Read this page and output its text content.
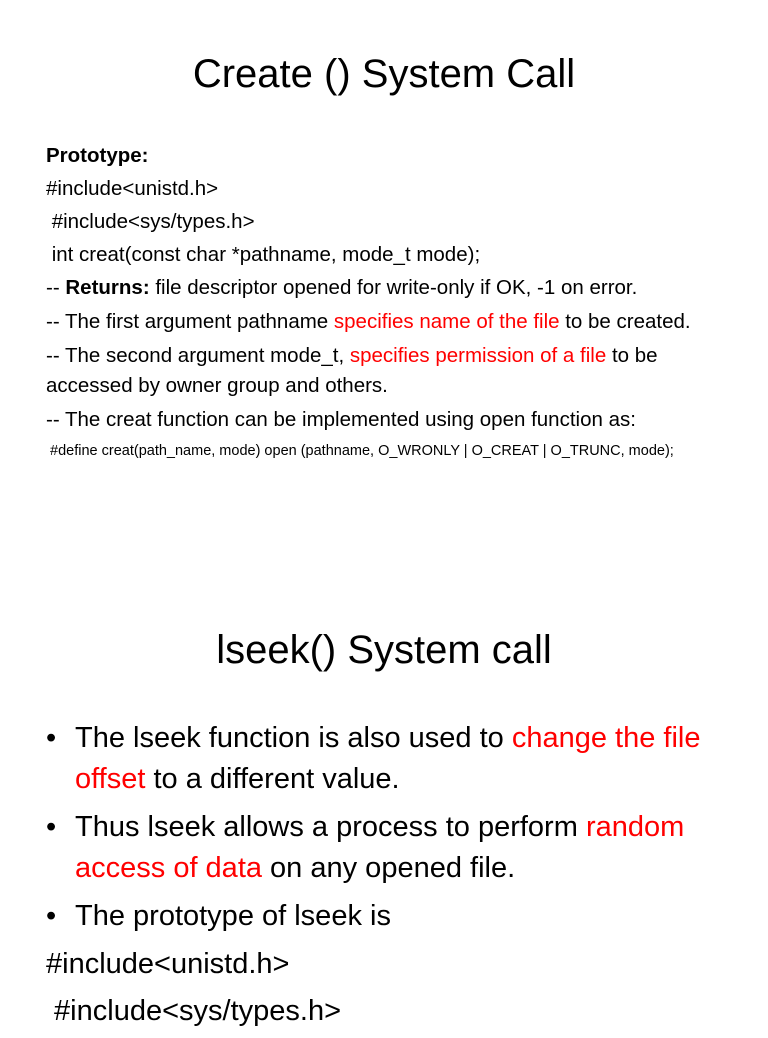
Create () System Call
Prototype:
#include<unistd.h>
#include<sys/types.h>
int creat(const char *pathname, mode_t mode);
-- Returns: file descriptor opened for write-only if OK, -1 on error.
-- The first argument pathname specifies name of the file to be created.
-- The second argument mode_t, specifies permission of a file to be accessed by owner group and others.
-- The creat function can be implemented using open function as:
#define creat(path_name, mode) open (pathname, O_WRONLY | O_CREAT | O_TRUNC, mode);
lseek() System call
• The lseek function is also used to change the file offset to a different value.
• Thus lseek allows a process to perform random access of data on any opened file.
• The prototype of lseek is
#include<unistd.h>
#include<sys/types.h>
